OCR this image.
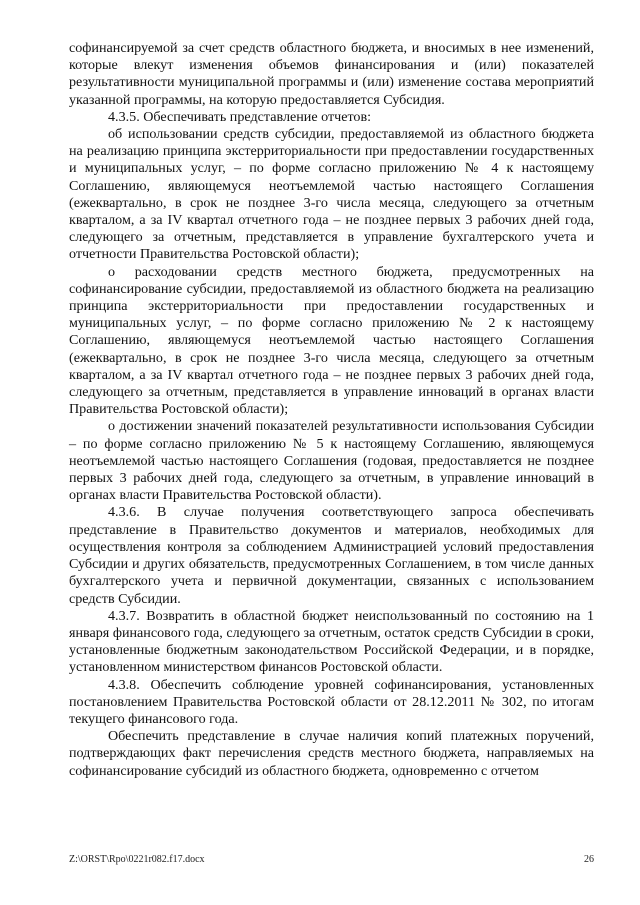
софинансируемой за счет средств областного бюджета, и вносимых в нее изменений, которые влекут изменения объемов финансирования и (или) показателей результативности муниципальной программы и (или) изменение состава мероприятий указанной программы, на которую предоставляется Субсидия.

4.3.5. Обеспечивать представление отчетов:

об использовании средств субсидии, предоставляемой из областного бюджета на реализацию принципа экстерриториальности при предоставлении государственных и муниципальных услуг, – по форме согласно приложению № 4 к настоящему Соглашению, являющемуся неотъемлемой частью настоящего Соглашения (ежеквартально, в срок не позднее 3-го числа месяца, следующего за отчетным кварталом, а за IV квартал отчетного года – не позднее первых 3 рабочих дней года, следующего за отчетным, представляется в управление бухгалтерского учета и отчетности Правительства Ростовской области);

о расходовании средств местного бюджета, предусмотренных на софинансирование субсидии, предоставляемой из областного бюджета на реализацию принципа экстерриториальности при предоставлении государственных и муниципальных услуг, – по форме согласно приложению № 2 к настоящему Соглашению, являющемуся неотъемлемой частью настоящего Соглашения (ежеквартально, в срок не позднее 3-го числа месяца, следующего за отчетным кварталом, а за IV квартал отчетного года – не позднее первых 3 рабочих дней года, следующего за отчетным, представляется в управление инноваций в органах власти Правительства Ростовской области);

о достижении значений показателей результативности использования Субсидии – по форме согласно приложению № 5 к настоящему Соглашению, являющемуся неотъемлемой частью настоящего Соглашения (годовая, предоставляется не позднее первых 3 рабочих дней года, следующего за отчетным, в управление инноваций в органах власти Правительства Ростовской области).

4.3.6. В случае получения соответствующего запроса обеспечивать представление в Правительство документов и материалов, необходимых для осуществления контроля за соблюдением Администрацией условий предоставления Субсидии и других обязательств, предусмотренных Соглашением, в том числе данных бухгалтерского учета и первичной документации, связанных с использованием средств Субсидии.

4.3.7. Возвратить в областной бюджет неиспользованный по состоянию на 1 января финансового года, следующего за отчетным, остаток средств Субсидии в сроки, установленные бюджетным законодательством Российской Федерации, и в порядке, установленном министерством финансов Ростовской области.

4.3.8. Обеспечить соблюдение уровней софинансирования, установленных постановлением Правительства Ростовской области от 28.12.2011 № 302, по итогам текущего финансового года.

Обеспечить представление в случае наличия копий платежных поручений, подтверждающих факт перечисления средств местного бюджета, направляемых на софинансирование субсидий из областного бюджета, одновременно с отчетом

Z:\ORST\Rpo\0221r082.f17.docx	26
